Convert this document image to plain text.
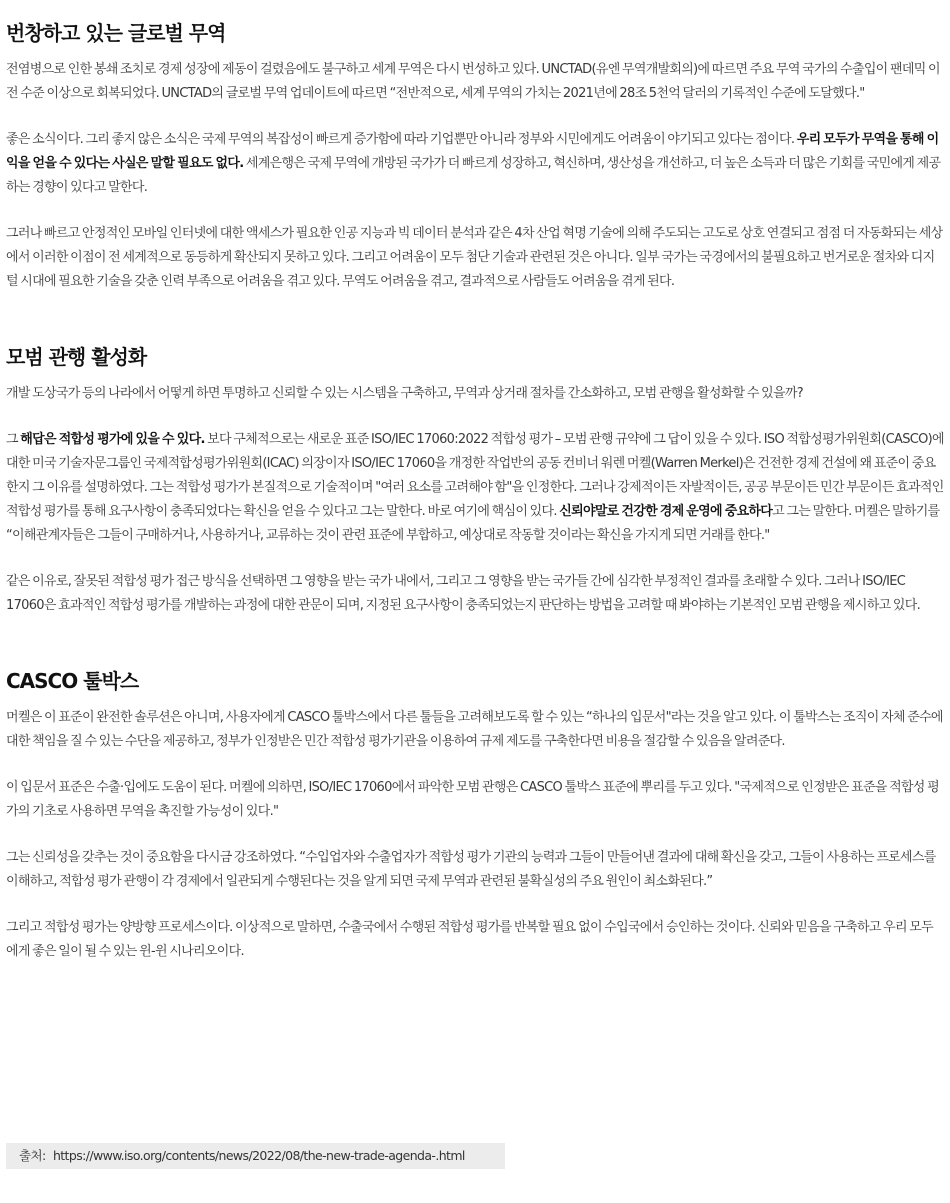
번창하고 있는 글로벌 무역

전염병으로 인한 봉쇄 조치로 경제 성장에 제동이 걸렸음에도 불구하고 세계 무역은 다시 번성하고 있다. UNCTAD(유엔 무역개발회의)에 따르면 주요 무역 국가의 수출입이 팬데믹 이전 수준 이상으로 회복되었다. UNCTAD의 글로벌 무역 업데이트에 따르면 “전반적으로, 세계 무역의 가치는 2021년에 28조 5천억 달러의 기록적인 수준에 도달했다."

좋은 소식이다. 그리 좋지 않은 소식은 국제 무역의 복잡성이 빠르게 증가함에 따라 기업뿐만 아니라 정부와 시민에게도 어려움이 야기되고 있다는 점이다. 우리 모두가 무역을 통해 이익을 얻을 수 있다는 사실은 말할 필요도 없다. 세계은행은 국제 무역에 개방된 국가가 더 빠르게 성장하고, 혁신하며, 생산성을 개선하고, 더 높은 소득과 더 많은 기회를 국민에게 제공하는 경향이 있다고 말한다.

그러나 빠르고 안정적인 모바일 인터넷에 대한 액세스가 필요한 인공 지능과 빅 데이터 분석과 같은 4차 산업 혁명 기술에 의해 주도되는 고도로 상호 연결되고 점점 더 자동화되는 세상에서 이러한 이점이 전 세계적으로 동등하게 확산되지 못하고 있다. 그리고 어려움이 모두 첨단 기술과 관련된 것은 아니다. 일부 국가는 국경에서의 불필요하고 번거로운 절차와 디지털 시대에 필요한 기술을 갖춘 인력 부족으로 어려움을 겪고 있다. 무역도 어려움을 겪고, 결과적으로 사람들도 어려움을 겪게 된다.

모범 관행 활성화

개발 도상국가 등의 나라에서 어떻게 하면 투명하고 신뢰할 수 있는 시스템을 구축하고, 무역과 상거래 절차를 간소화하고, 모범 관행을 활성화할 수 있을까?

그 해답은 적합성 평가에 있을 수 있다. 보다 구체적으로는 새로운 표준 ISO/IEC 17060:2022 적합성 평가 – 모범 관행 규약에 그 답이 있을 수 있다. ISO 적합성평가위원회(CASCO)에 대한 미국 기술자문그룹인 국제적합성평가위원회(ICAC) 의장이자 ISO/IEC 17060을 개정한 작업반의 공동 컨비너 워렌 머켈(Warren Merkel)은 건전한 경제 건설에 왜 표준이 중요한지 그 이유를 설명하였다. 그는 적합성 평가가 본질적으로 기술적이며 "여러 요소를 고려해야 함"을 인정한다. 그러나 강제적이든 자발적이든, 공공 부문이든 민간 부문이든 효과적인 적합성 평가를 통해 요구사항이 충족되었다는 확신을 얻을 수 있다고 그는 말한다. 바로 여기에 핵심이 있다. 신뢰야말로 건강한 경제 운영에 중요하다고 그는 말한다. 머켈은 말하기를 “이해관계자들은 그들이 구매하거나, 사용하거나, 교류하는 것이 관련 표준에 부합하고, 예상대로 작동할 것이라는 확신을 가지게 되면 거래를 한다."

같은 이유로, 잘못된 적합성 평가 접근 방식을 선택하면 그 영향을 받는 국가 내에서, 그리고 그 영향을 받는 국가들 간에 심각한 부정적인 결과를 초래할 수 있다. 그러나 ISO/IEC 17060은 효과적인 적합성 평가를 개발하는 과정에 대한 관문이 되며, 지정된 요구사항이 충족되었는지 판단하는 방법을 고려할 때 봐야하는 기본적인 모범 관행을 제시하고 있다.

CASCO 툴박스

머켈은 이 표준이 완전한 솔루션은 아니며, 사용자에게 CASCO 툴박스에서 다른 툴들을 고려해보도록 할 수 있는 “하나의 입문서"라는 것을 알고 있다. 이 툴박스는 조직이 자체 준수에 대한 책임을 질 수 있는 수단을 제공하고, 정부가 인정받은 민간 적합성 평가기관을 이용하여 규제 제도를 구축한다면 비용을 절감할 수 있음을 알려준다.

이 입문서 표준은 수출·입에도 도움이 된다. 머켈에 의하면, ISO/IEC 17060에서 파악한 모범 관행은 CASCO 툴박스 표준에 뿌리를 두고 있다. "국제적으로 인정받은 표준을 적합성 평가의 기초로 사용하면 무역을 촉진할 가능성이 있다."

그는 신뢰성을 갖추는 것이 중요함을 다시금 강조하였다. “수입업자와 수출업자가 적합성 평가 기관의 능력과 그들이 만들어낸 결과에 대해 확신을 갖고, 그들이 사용하는 프로세스를 이해하고, 적합성 평가 관행이 각 경제에서 일관되게 수행된다는 것을 알게 되면 국제 무역과 관련된 불확실성의 주요 원인이 최소화된다.”

그리고 적합성 평가는 양방향 프로세스이다. 이상적으로 말하면, 수출국에서 수행된 적합성 평가를 반복할 필요 없이 수입국에서 승인하는 것이다. 신뢰와 믿음을 구축하고 우리 모두에게 좋은 일이 될 수 있는 윈-윈 시나리오이다.

출처: https://www.iso.org/contents/news/2022/08/the-new-trade-agenda-.html
